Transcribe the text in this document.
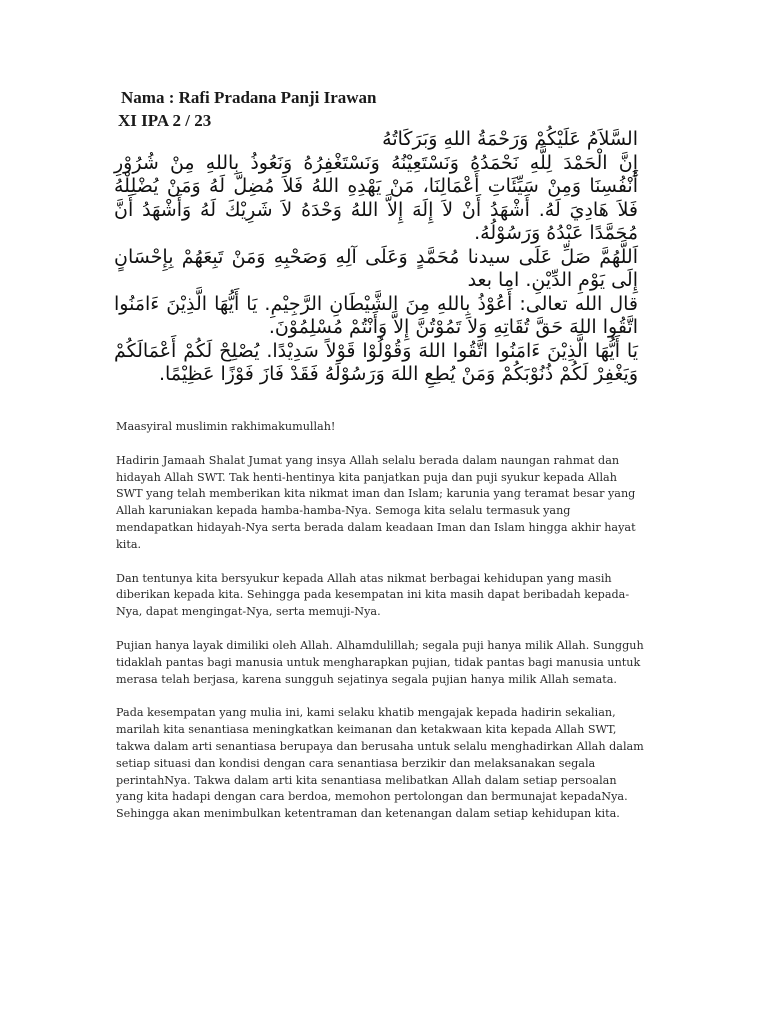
Nama : Rafi Pradana Panji Irawan
XI IPA 2 / 23

السَّلاَمُ عَلَيْكُمْ وَرَحْمَةُ اللهِ وَبَرَكَاتُهُ

إِنَّ الْحَمْدَ لِلَّهِ نَحْمَدُهُ وَنَسْتَعِيْنُهُ وَنَسْتَغْفِرُهُ وَنَعُوذُ بِاللهِ مِنْ شُرُوْرِ أَنْفُسِنَا وَمِنْ سَيِّئَاتِ أَعْمَالِنَا، مَنْ يَهْدِهِ اللهُ فَلاَ مُضِلَّ لَهُ وَمَنْ يُضْلِلْهُ فَلاَ هَادِيَ لَهُ. أَشْهَدُ أَنْ لاَ إِلَهَ إِلاَّ اللهُ وَحْدَهُ لاَ شَرِيْكَ لَهُ وَأَشْهَدُ أَنَّ مُحَمَّدًا عَبْدُهُ وَرَسُوْلُهُ.

اَللَّهُمَّ صَلِّ عَلَى سيدنا مُحَمَّدٍ وَعَلَى آلِهِ وَصَحْبِهِ وَمَنْ تَبِعَهُمْ بِإِحْسَانٍ إِلَى يَوْمِ الدِّيْنِ. اما بعد

قال الله تعالى: أَعُوْذُ بِاللهِ مِنَ الشَّيْطَانِ الرَّجِيْمِ. يَا أَيُّهَا الَّذِيْنَ ءَامَنُوا اتَّقُوا اللهَ حَقَّ تُقَاتِهِ وَلاَ تَمُوْتُنَّ إِلاَّ وَأَنْتُمْ مُسْلِمُوْنَ.

يَا أَيُّهَا الَّذِيْنَ ءَامَنُوا اتَّقُوا اللهَ وَقُوْلُوْا قَوْلاً سَدِيْدًا. يُصْلِحْ لَكُمْ أَعْمَالَكُمْ وَيَغْفِرْ لَكُمْ ذُنُوْبَكُمْ وَمَنْ يُطِعِ اللهَ وَرَسُوْلَهُ فَقَدْ فَازَ فَوْزًا عَظِيْمًا.

Maasyiral muslimin rakhimakumullah!

Hadirin Jamaah Shalat Jumat yang insya Allah selalu berada dalam naungan rahmat dan hidayah Allah SWT. Tak henti-hentinya kita panjatkan puja dan puji syukur kepada Allah SWT yang telah memberikan kita nikmat iman dan Islam; karunia yang teramat besar yang Allah karuniakan kepada hamba-hamba-Nya. Semoga kita selalu termasuk yang mendapatkan hidayah-Nya serta berada dalam keadaan Iman dan Islam hingga akhir hayat kita.

Dan tentunya kita bersyukur kepada Allah atas nikmat berbagai kehidupan yang masih diberikan kepada kita. Sehingga pada kesempatan ini kita masih dapat beribadah kepada-Nya, dapat mengingat-Nya, serta memuji-Nya.

Pujian hanya layak dimiliki oleh Allah. Alhamdulillah; segala puji hanya milik Allah. Sungguh tidaklah pantas bagi manusia untuk mengharapkan pujian, tidak pantas bagi manusia untuk merasa telah berjasa, karena sungguh sejatinya segala pujian hanya milik Allah semata.

Pada kesempatan yang mulia ini, kami selaku khatib mengajak kepada hadirin sekalian, marilah kita senantiasa meningkatkan keimanan dan ketakwaan kita kepada Allah SWT, takwa dalam arti senantiasa berupaya dan berusaha untuk selalu menghadirkan Allah dalam setiap situasi dan kondisi dengan cara senantiasa berzikir dan melaksanakan segala perintahNya. Takwa dalam arti kita senantiasa melibatkan Allah dalam setiap persoalan yang kita hadapi dengan cara berdoa, memohon pertolongan dan bermunajat kepadaNya. Sehingga akan menimbulkan ketentraman dan ketenangan dalam setiap kehidupan kita.
